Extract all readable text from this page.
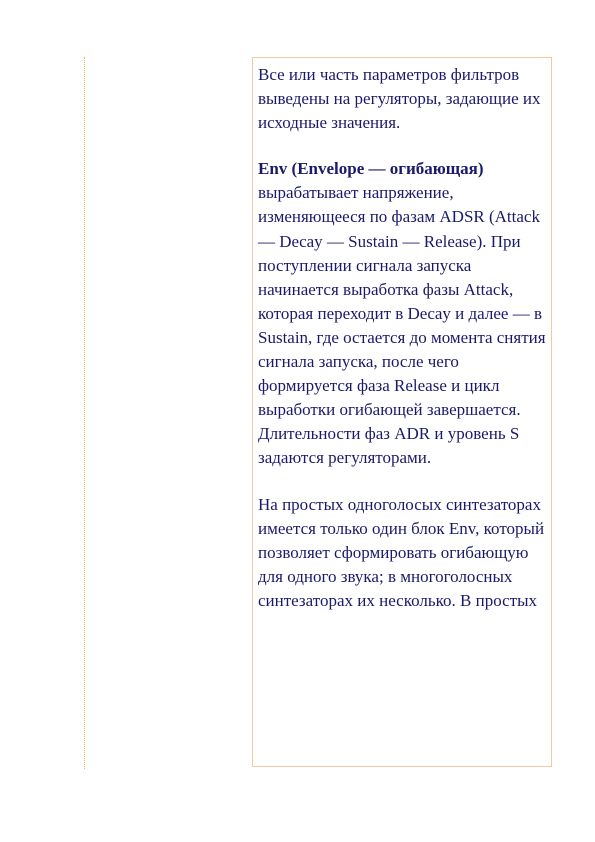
Все или часть параметров фильтров выведены на регуляторы, задающие их исходные значения.

Env (Envelope — огибающая) вырабатывает напряжение, изменяющееся по фазам ADSR (Attack — Decay — Sustain — Release). При поступлении сигнала запуска начинается выработка фазы Attack, которая переходит в Decay и далее — в Sustain, где остается до момента снятия сигнала запуска, после чего формируется фаза Release и цикл выработки огибающей завершается. Длительности фаз ADR и уровень S задаются регуляторами.

На простых одноголосых синтезаторах имеется только один блок Env, который позволяет сформировать огибающую для одного звука; в многоголосных синтезаторах их несколько. В простых
